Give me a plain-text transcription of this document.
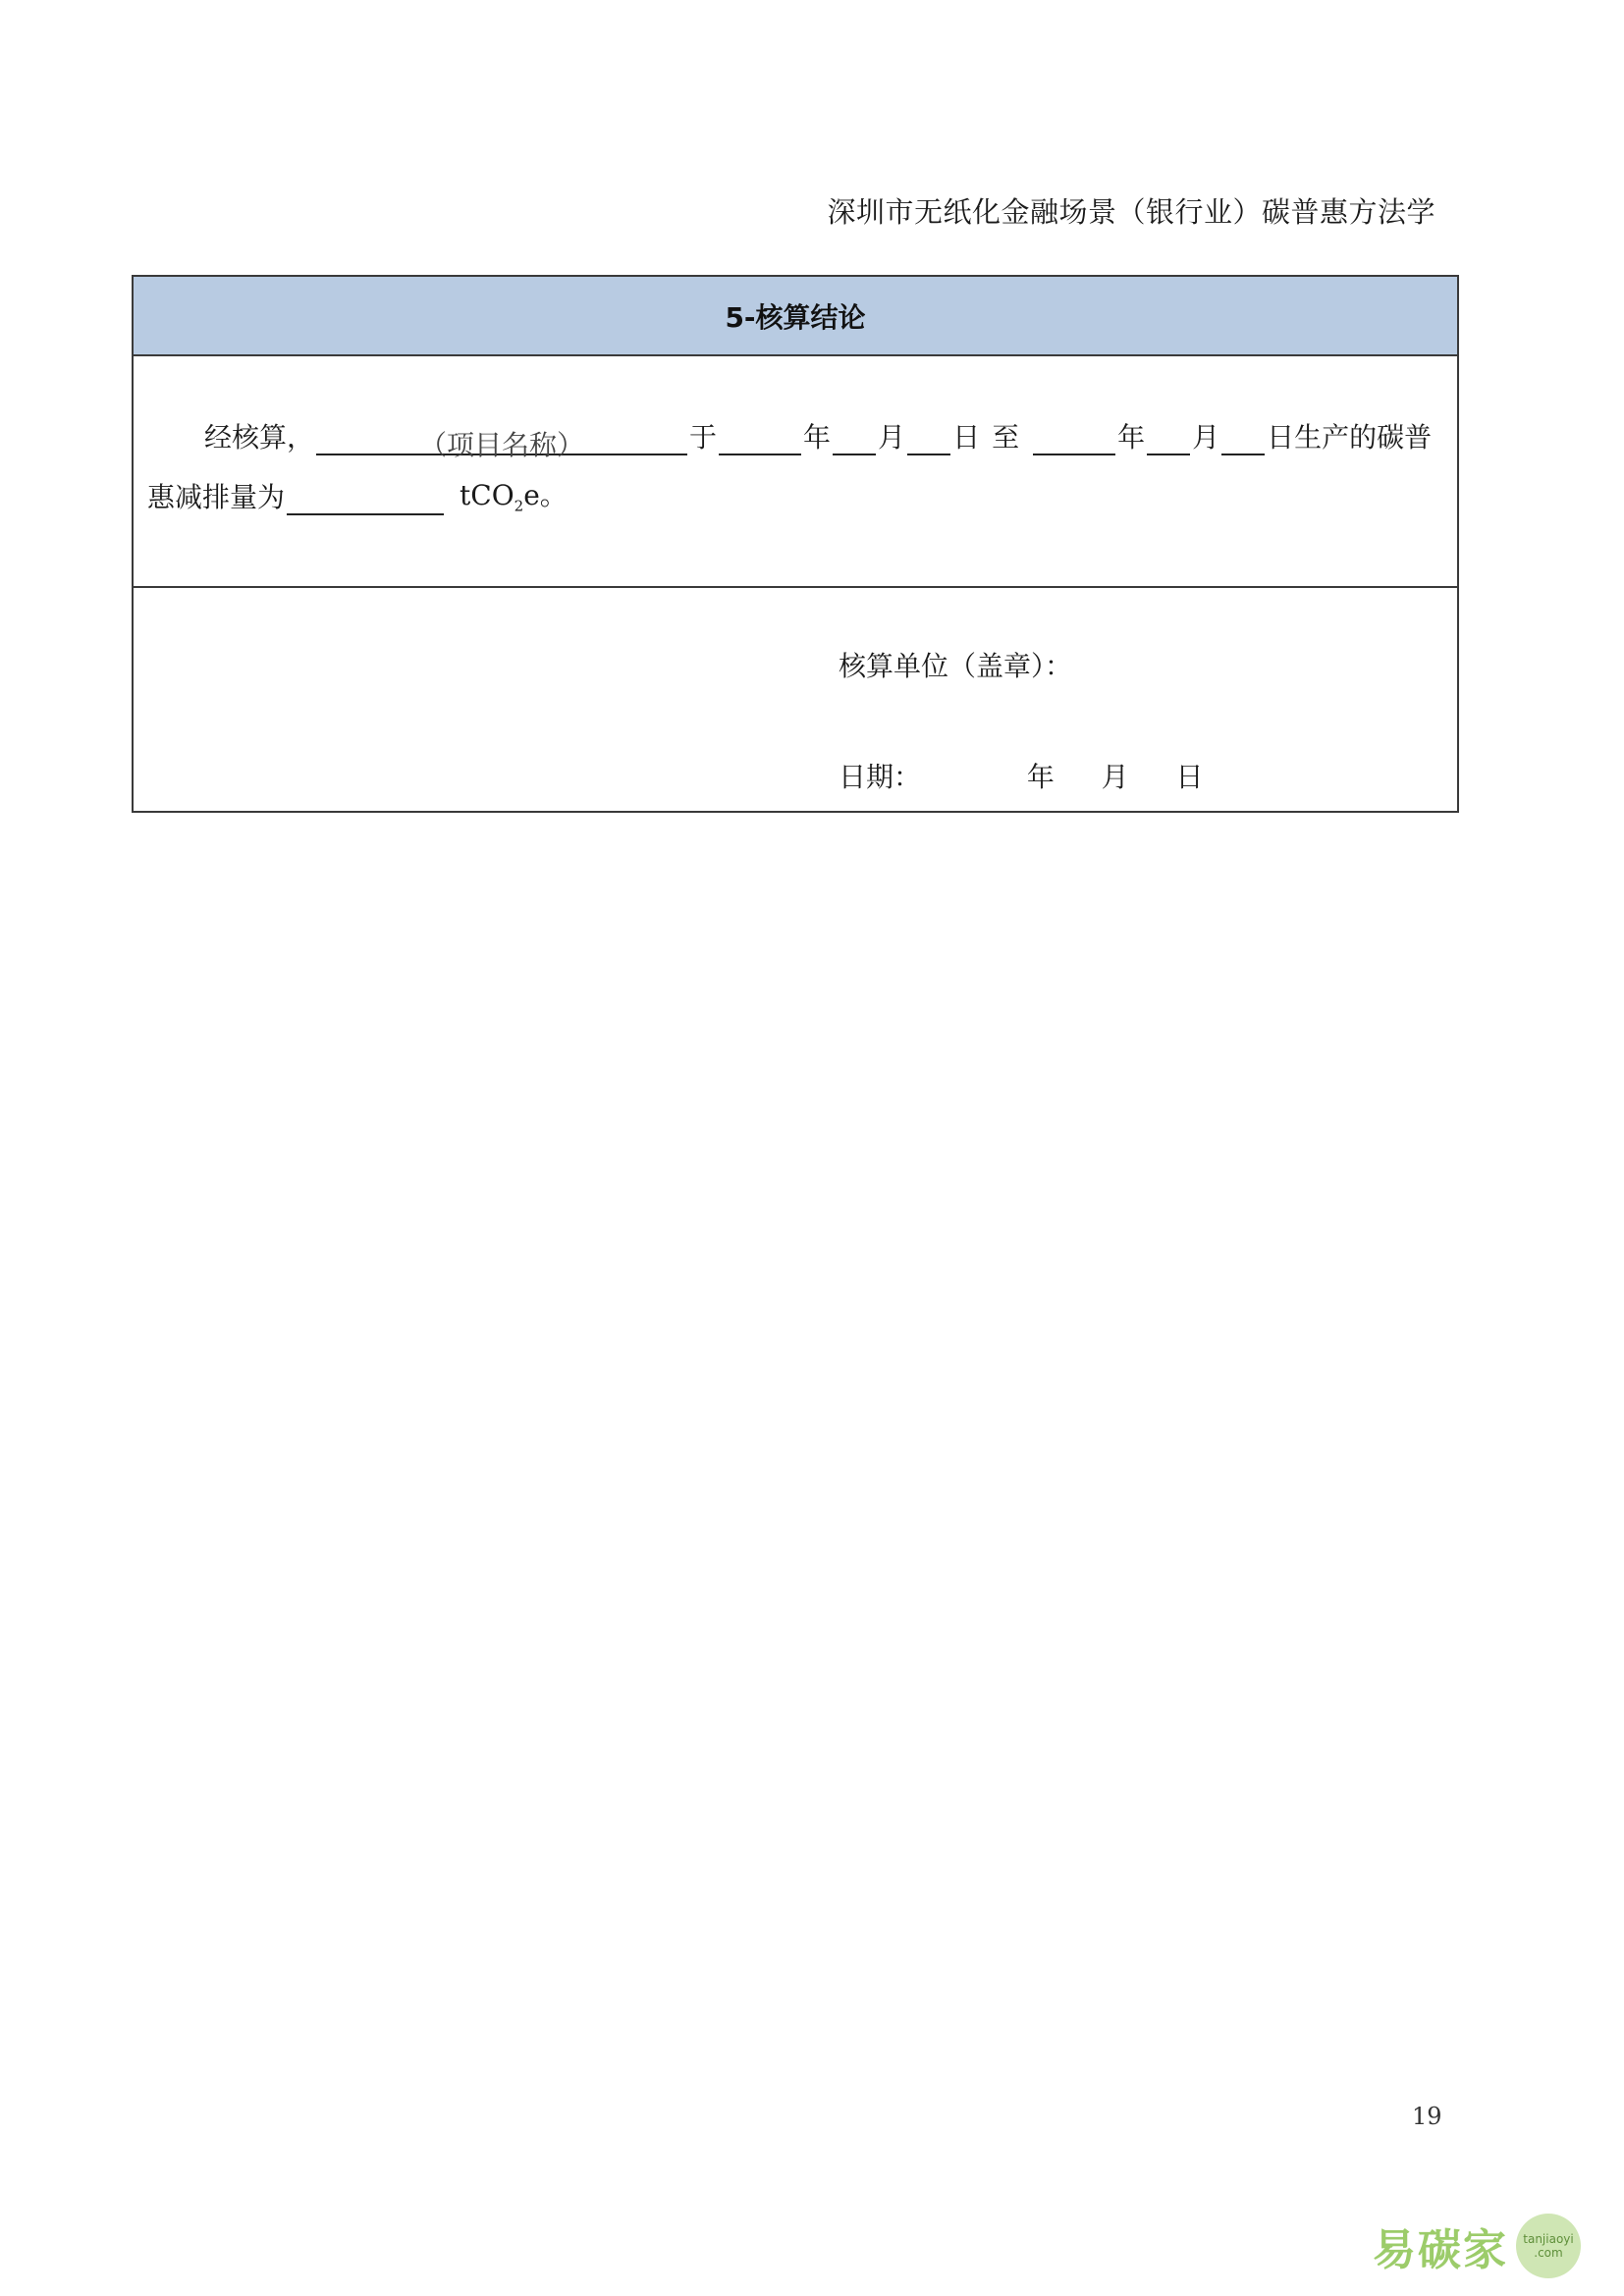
深圳市无纸化金融场景（银行业）碳普惠方法学
5-核算结论
经核算，	（项目名称）	于	年 月 日 至	年 月 日生产的碳普
惠减排量为	tCO$_2$e。
核算单位（盖章）：
日期：	年 月 日
19
易碳家 tanjiaoyi
.com
